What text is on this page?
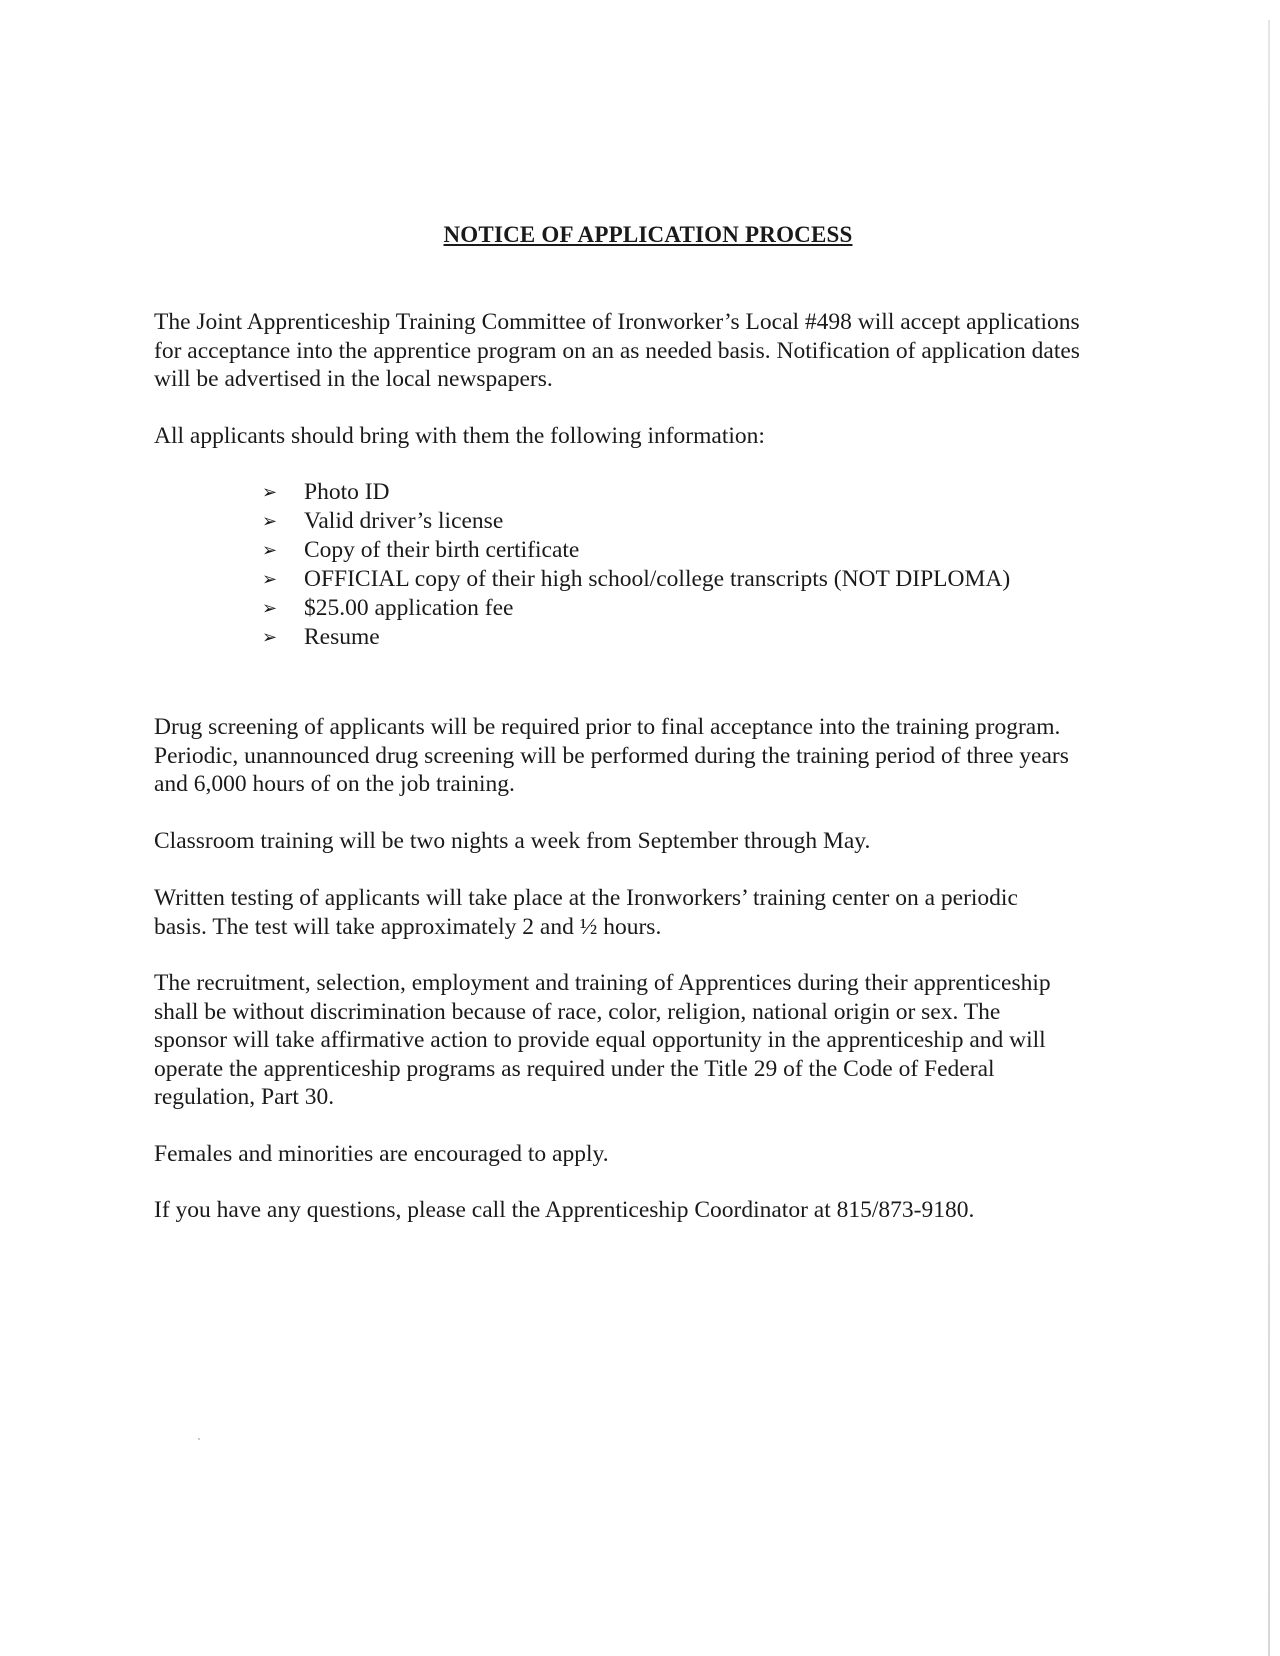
NOTICE OF APPLICATION PROCESS

The Joint Apprenticeship Training Committee of Ironworker’s Local #498 will accept applications
for acceptance into the apprentice program on an as needed basis. Notification of application dates
will be advertised in the local newspapers.

All applicants should bring with them the following information:

➢	Photo ID
➢	Valid driver’s license
➢	Copy of their birth certificate
➢	OFFICIAL copy of their high school/college transcripts (NOT DIPLOMA)
➢	$25.00 application fee
➢	Resume

Drug screening of applicants will be required prior to final acceptance into the training program.
Periodic, unannounced drug screening will be performed during the training period of three years
and 6,000 hours of on the job training.

Classroom training will be two nights a week from September through May.

Written testing of applicants will take place at the Ironworkers’ training center on a periodic
basis. The test will take approximately 2 and ½ hours.

The recruitment, selection, employment and training of Apprentices during their apprenticeship
shall be without discrimination because of race, color, religion, national origin or sex. The
sponsor will take affirmative action to provide equal opportunity in the apprenticeship and will
operate the apprenticeship programs as required under the Title 29 of the Code of Federal
regulation, Part 30.

Females and minorities are encouraged to apply.

If you have any questions, please call the Apprenticeship Coordinator at 815/873-9180.
